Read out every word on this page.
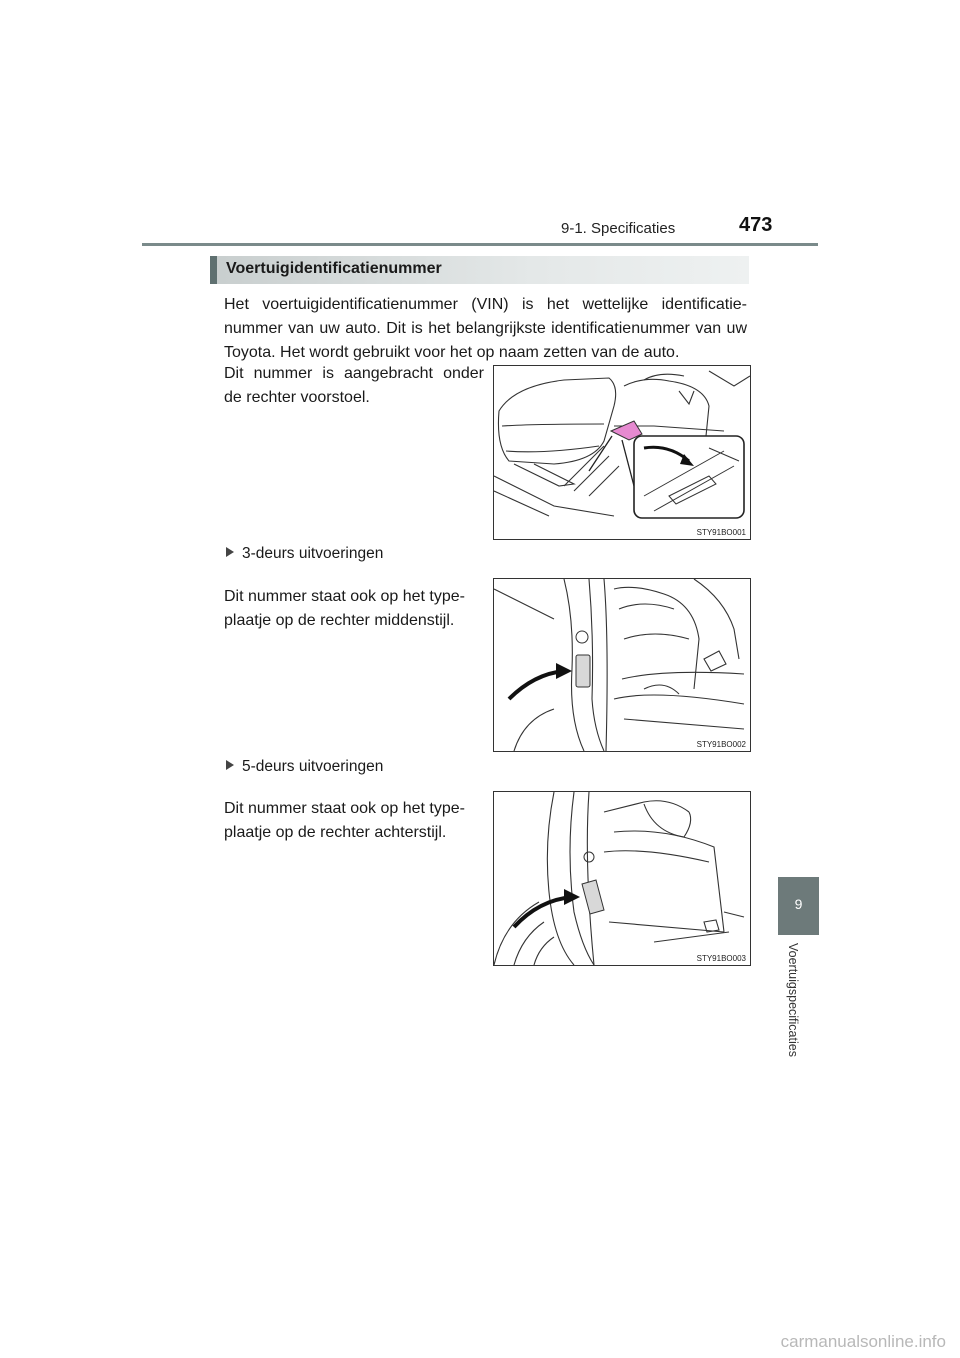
9-1. Specificaties	473
Voertuigidentificatienummer
Het voertuigidentificatienummer (VIN) is het wettelijke identificatie-nummer van uw auto. Dit is het belangrijkste identificatienummer van uw Toyota. Het wordt gebruikt voor het op naam zetten van de auto.
Dit nummer is aangebracht onder
de rechter voorstoel.
STY91BO001
3-deurs uitvoeringen
Dit nummer staat ook op het type-
plaatje op de rechter middenstijl.
STY91BO002
5-deurs uitvoeringen
Dit nummer staat ook op het type-
plaatje op de rechter achterstijl.
STY91BO003
9
Voertuigspecificaties
carmanualsonline.info
